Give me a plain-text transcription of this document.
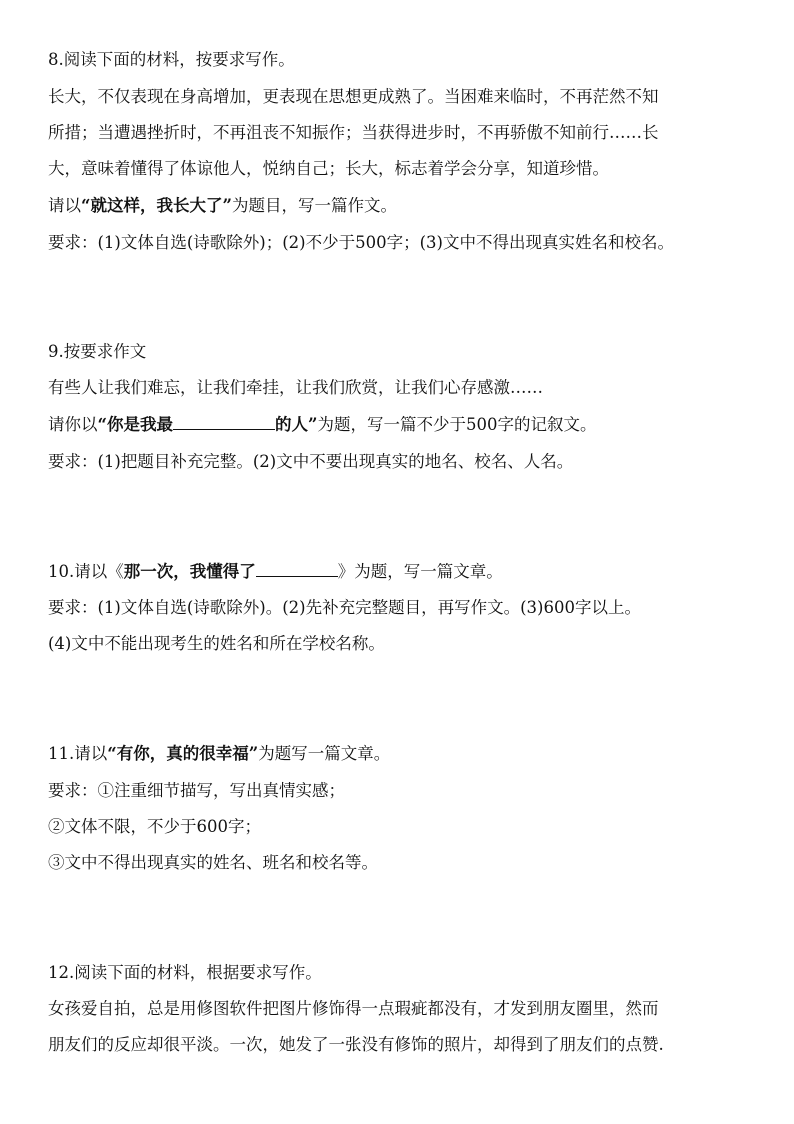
8.阅读下面的材料，按要求写作。
长大，不仅表现在身高增加，更表现在思想更成熟了。当困难来临时，不再茫然不知
所措；当遭遇挫折时，不再沮丧不知振作；当获得进步时，不再骄傲不知前行……长
大，意味着懂得了体谅他人，悦纳自己；长大，标志着学会分享，知道珍惜。
请以“就这样，我长大了”为题目，写一篇作文。
要求：(1)文体自选(诗歌除外)；(2)不少于500字；(3)文中不得出现真实姓名和校名。
9.按要求作文
有些人让我们难忘，让我们牵挂，让我们欣赏，让我们心存感激……
请你以“你是我最	的人”为题，写一篇不少于500字的记叙文。
要求：(1)把题目补充完整。(2)文中不要出现真实的地名、校名、人名。
10.请以《那一次，我懂得了	》为题，写一篇文章。
要求：(1)文体自选(诗歌除外)。(2)先补充完整题目，再写作文。(3)600字以上。
(4)文中不能出现考生的姓名和所在学校名称。
11.请以“有你，真的很幸福”为题写一篇文章。
要求：①注重细节描写，写出真情实感；
②文体不限，不少于600字；
③文中不得出现真实的姓名、班名和校名等。
12.阅读下面的材料，根据要求写作。
女孩爱自拍，总是用修图软件把图片修饰得一点瑕疵都没有，才发到朋友圈里，然而
朋友们的反应却很平淡。一次，她发了一张没有修饰的照片，却得到了朋友们的点赞.
